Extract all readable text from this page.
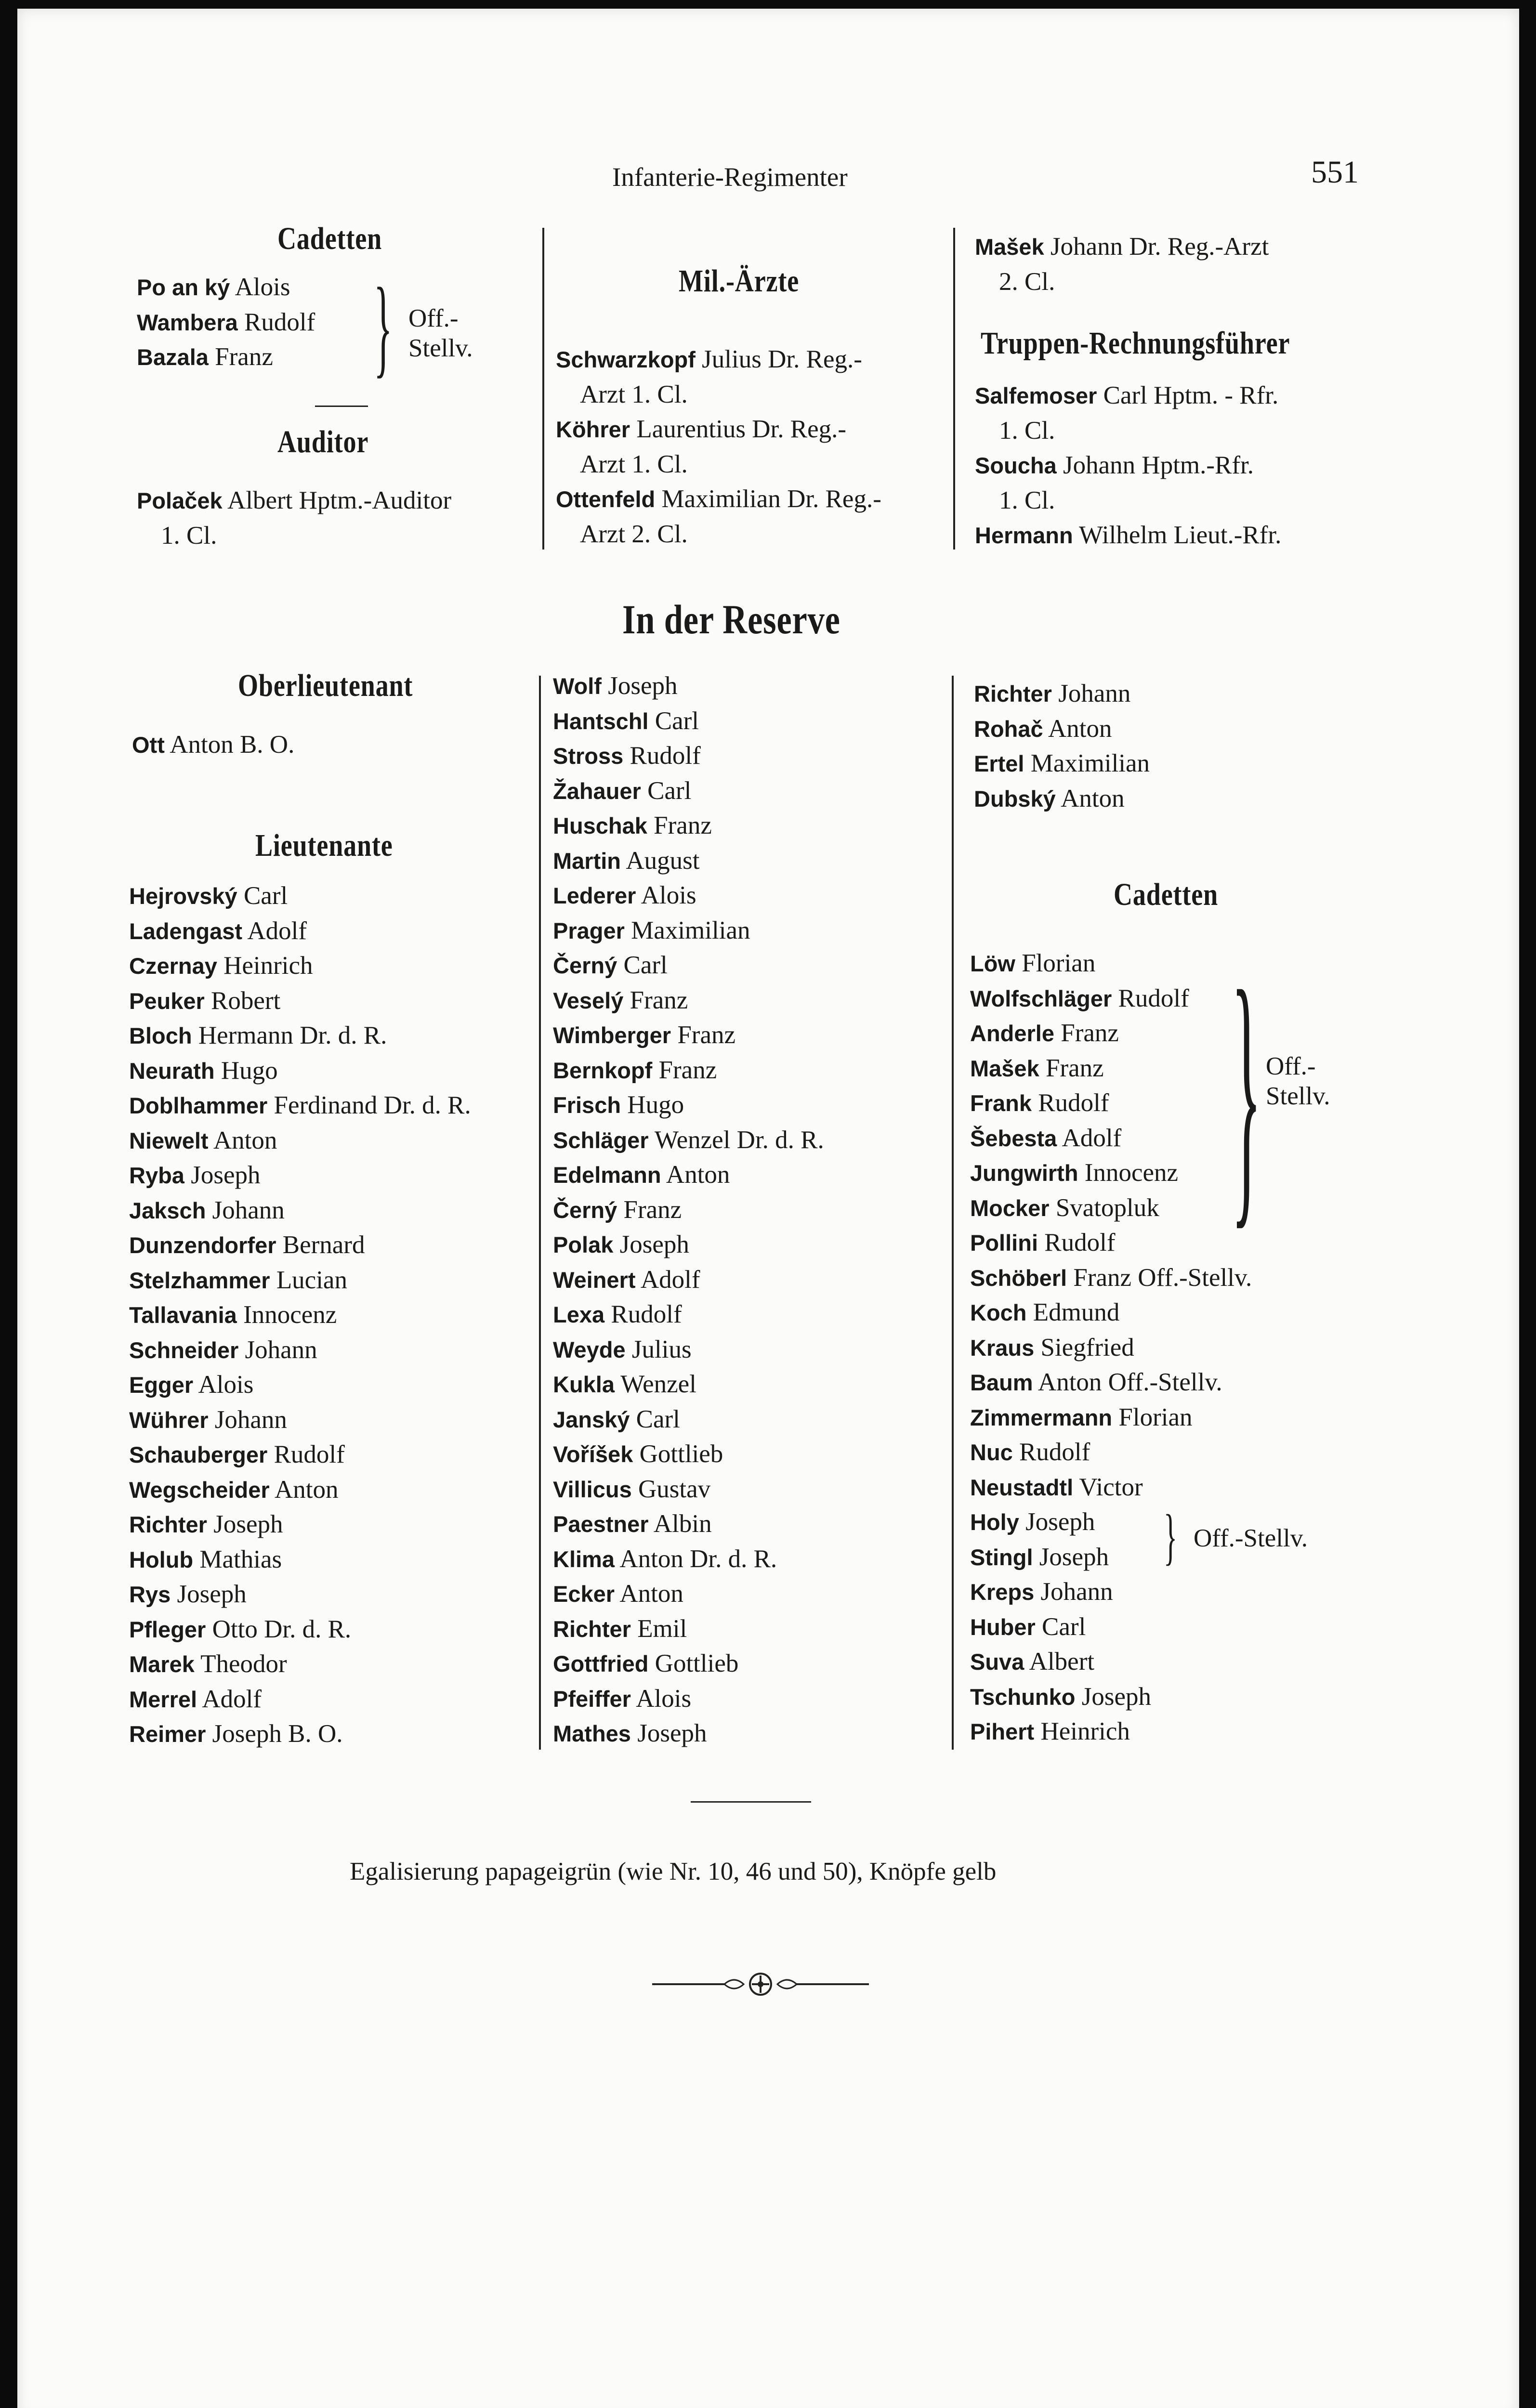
Infanterie-Regimenter	551
Cadetten
Po an ký Alois
Wambera Rudolf
Bazala Franz } Off.-
Stellv.
Auditor
Polaček Albert Hptm.-Auditor
1. Cl.
Mil.-Ärzte
Schwarzkopf Julius Dr. Reg.-
Arzt 1. Cl.
Köhrer Laurentius Dr. Reg.-
Arzt 1. Cl.
Ottenfeld Maximilian Dr. Reg.-
Arzt 2. Cl.
Mašek Johann Dr. Reg.-Arzt
2. Cl.
Truppen-Rechnungsführer
Salfemoser Carl Hptm. - Rfr.
1. Cl.
Soucha Johann Hptm.-Rfr.
1. Cl.
Hermann Wilhelm Lieut.-Rfr.
In der Reserve
Oberlieutenant
Ott Anton B. O.
Lieutenante
Hejrovský Carl
Ladengast Adolf
Czernay Heinrich
Peuker Robert
Bloch Hermann Dr. d. R.
Neurath Hugo
Doblhammer Ferdinand Dr. d. R.
Niewelt Anton
Ryba Joseph
Jaksch Johann
Dunzendorfer Bernard
Stelzhammer Lucian
Tallavania Innocenz
Schneider Johann
Egger Alois
Wührer Johann
Schauberger Rudolf
Wegscheider Anton
Richter Joseph
Holub Mathias
Rys Joseph
Pfleger Otto Dr. d. R.
Marek Theodor
Merrel Adolf
Reimer Joseph B. O.
Wolf Joseph
Hantschl Carl
Stross Rudolf
Žahauer Carl
Huschak Franz
Martin August
Lederer Alois
Prager Maximilian
Černý Carl
Veselý Franz
Wimberger Franz
Bernkopf Franz
Frisch Hugo
Schläger Wenzel Dr. d. R.
Edelmann Anton
Černý Franz
Polak Joseph
Weinert Adolf
Lexa Rudolf
Weyde Julius
Kukla Wenzel
Janský Carl
Voříšek Gottlieb
Villicus Gustav
Paestner Albin
Klima Anton Dr. d. R.
Ecker Anton
Richter Emil
Gottfried Gottlieb
Pfeiffer Alois
Mathes Joseph
Richter Johann
Rohač Anton
Ertel Maximilian
Dubský Anton
Cadetten
Löw Florian
Wolfschläger Rudolf
Anderle Franz
Mašek Franz
Frank Rudolf
Šebesta Adolf
Jungwirth Innocenz
Mocker Svatopluk
Pollini Rudolf
Schöberl Franz Off.-Stellv.
Koch Edmund
Kraus Siegfried
Baum Anton Off.-Stellv.
Zimmermann Florian
Nuc Rudolf
Neustadtl Victor
Holy Joseph
Stingl Joseph
Kreps Johann
Huber Carl
Suva Albert
Tschunko Joseph
Pihert Heinrich
} Off.-
Stellv.
} Off.-Stellv.
Egalisierung papageigrün (wie Nr. 10, 46 und 50), Knöpfe gelb
